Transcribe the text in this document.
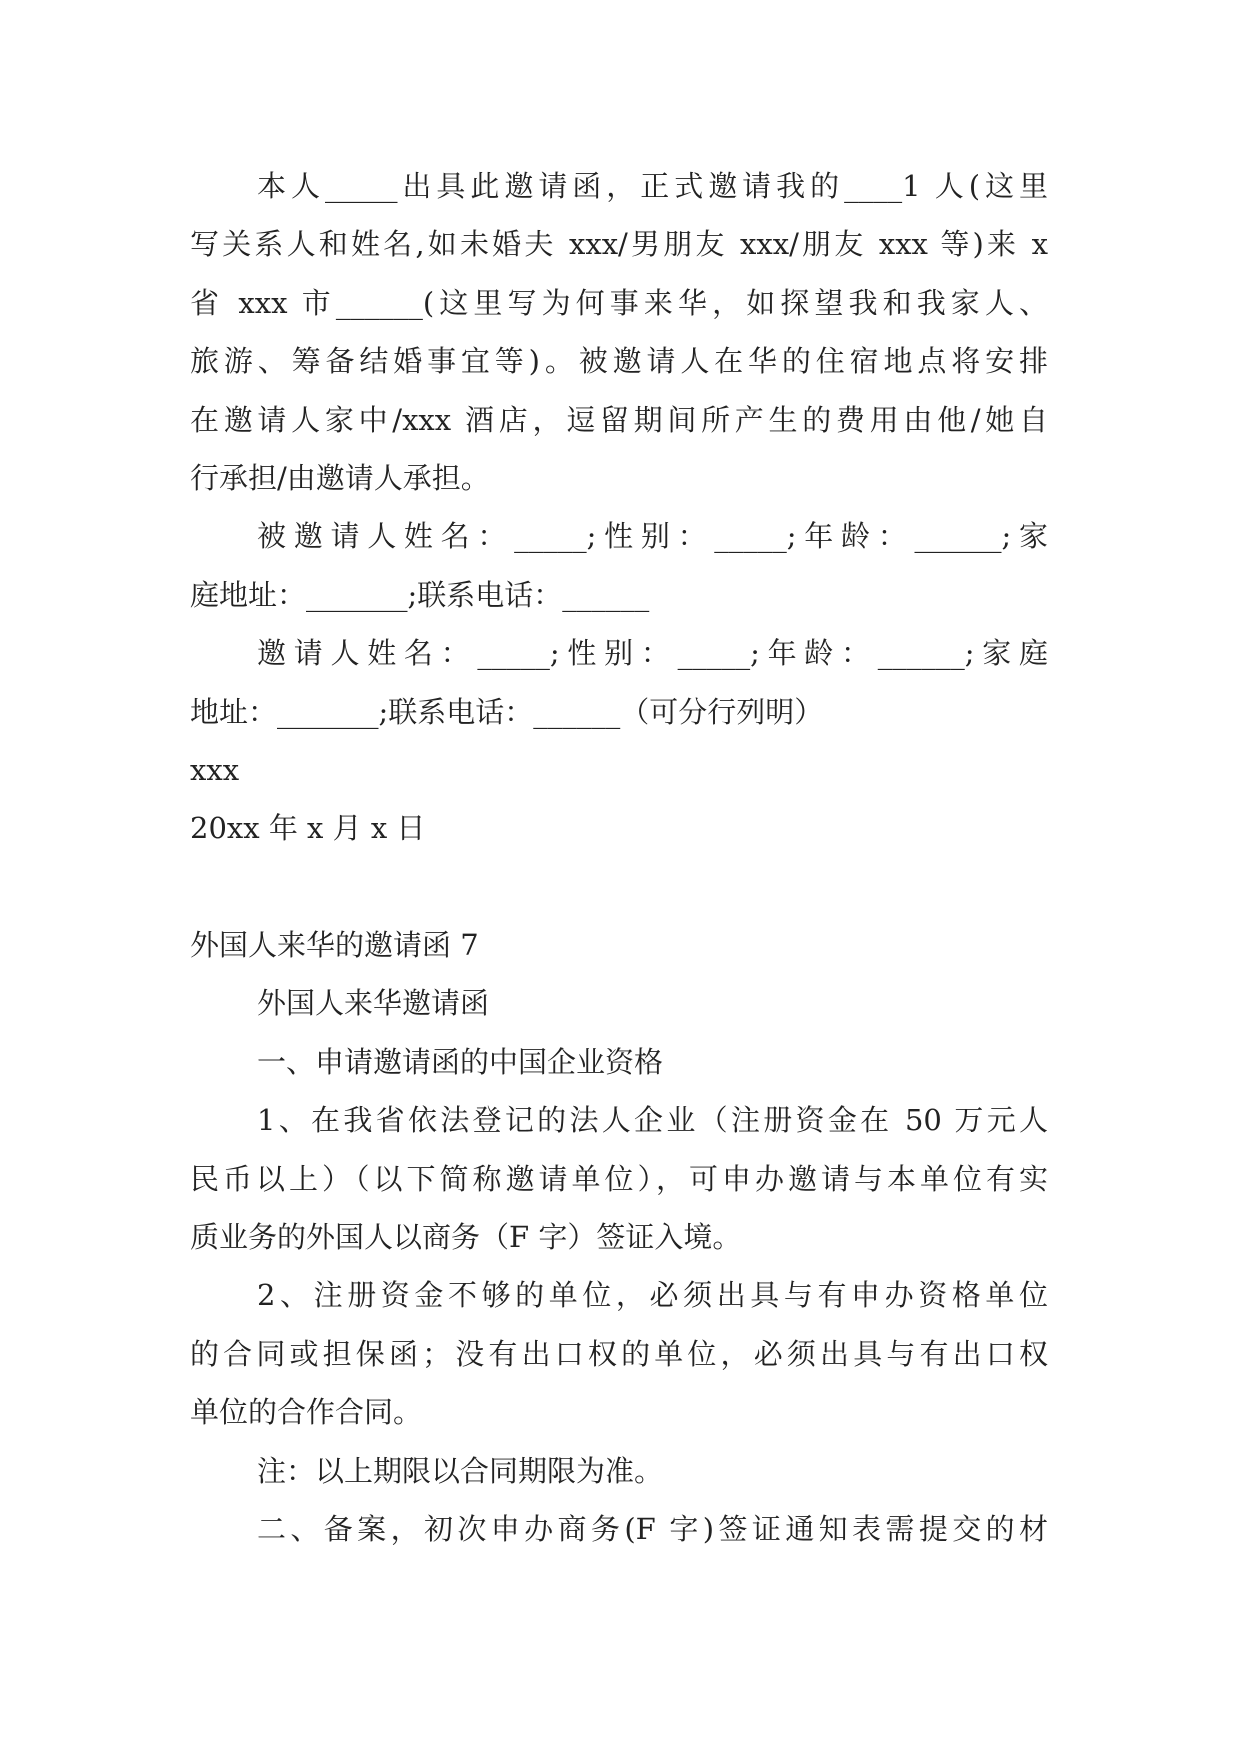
本人_____出具此邀请函，正式邀请我的____1 人(这里
写关系人和姓名,如未婚夫 xxx/男朋友 xxx/朋友 xxx 等)来 x
省 xxx 市______(这里写为何事来华，如探望我和我家人、
旅游、筹备结婚事宜等)。被邀请人在华的住宿地点将安排
在邀请人家中/xxx 酒店，逗留期间所产生的费用由他/她自
行承担/由邀请人承担。
被邀请人姓名：_____;性别：_____;年龄：______;家
庭地址：_______;联系电话：______
邀请人姓名：_____;性别：_____;年龄：______;家庭
地址：_______;联系电话：______（可分行列明）
xxx
20xx 年 x 月 x 日
外国人来华的邀请函 7
外国人来华邀请函
一、申请邀请函的中国企业资格
1、在我省依法登记的法人企业（注册资金在 50 万元人
民币以上）（以下简称邀请单位），可申办邀请与本单位有实
质业务的外国人以商务（F 字）签证入境。
2、注册资金不够的单位，必须出具与有申办资格单位
的合同或担保函；没有出口权的单位，必须出具与有出口权
单位的合作合同。
注：以上期限以合同期限为准。
二、备案，初次申办商务(F 字)签证通知表需提交的材
